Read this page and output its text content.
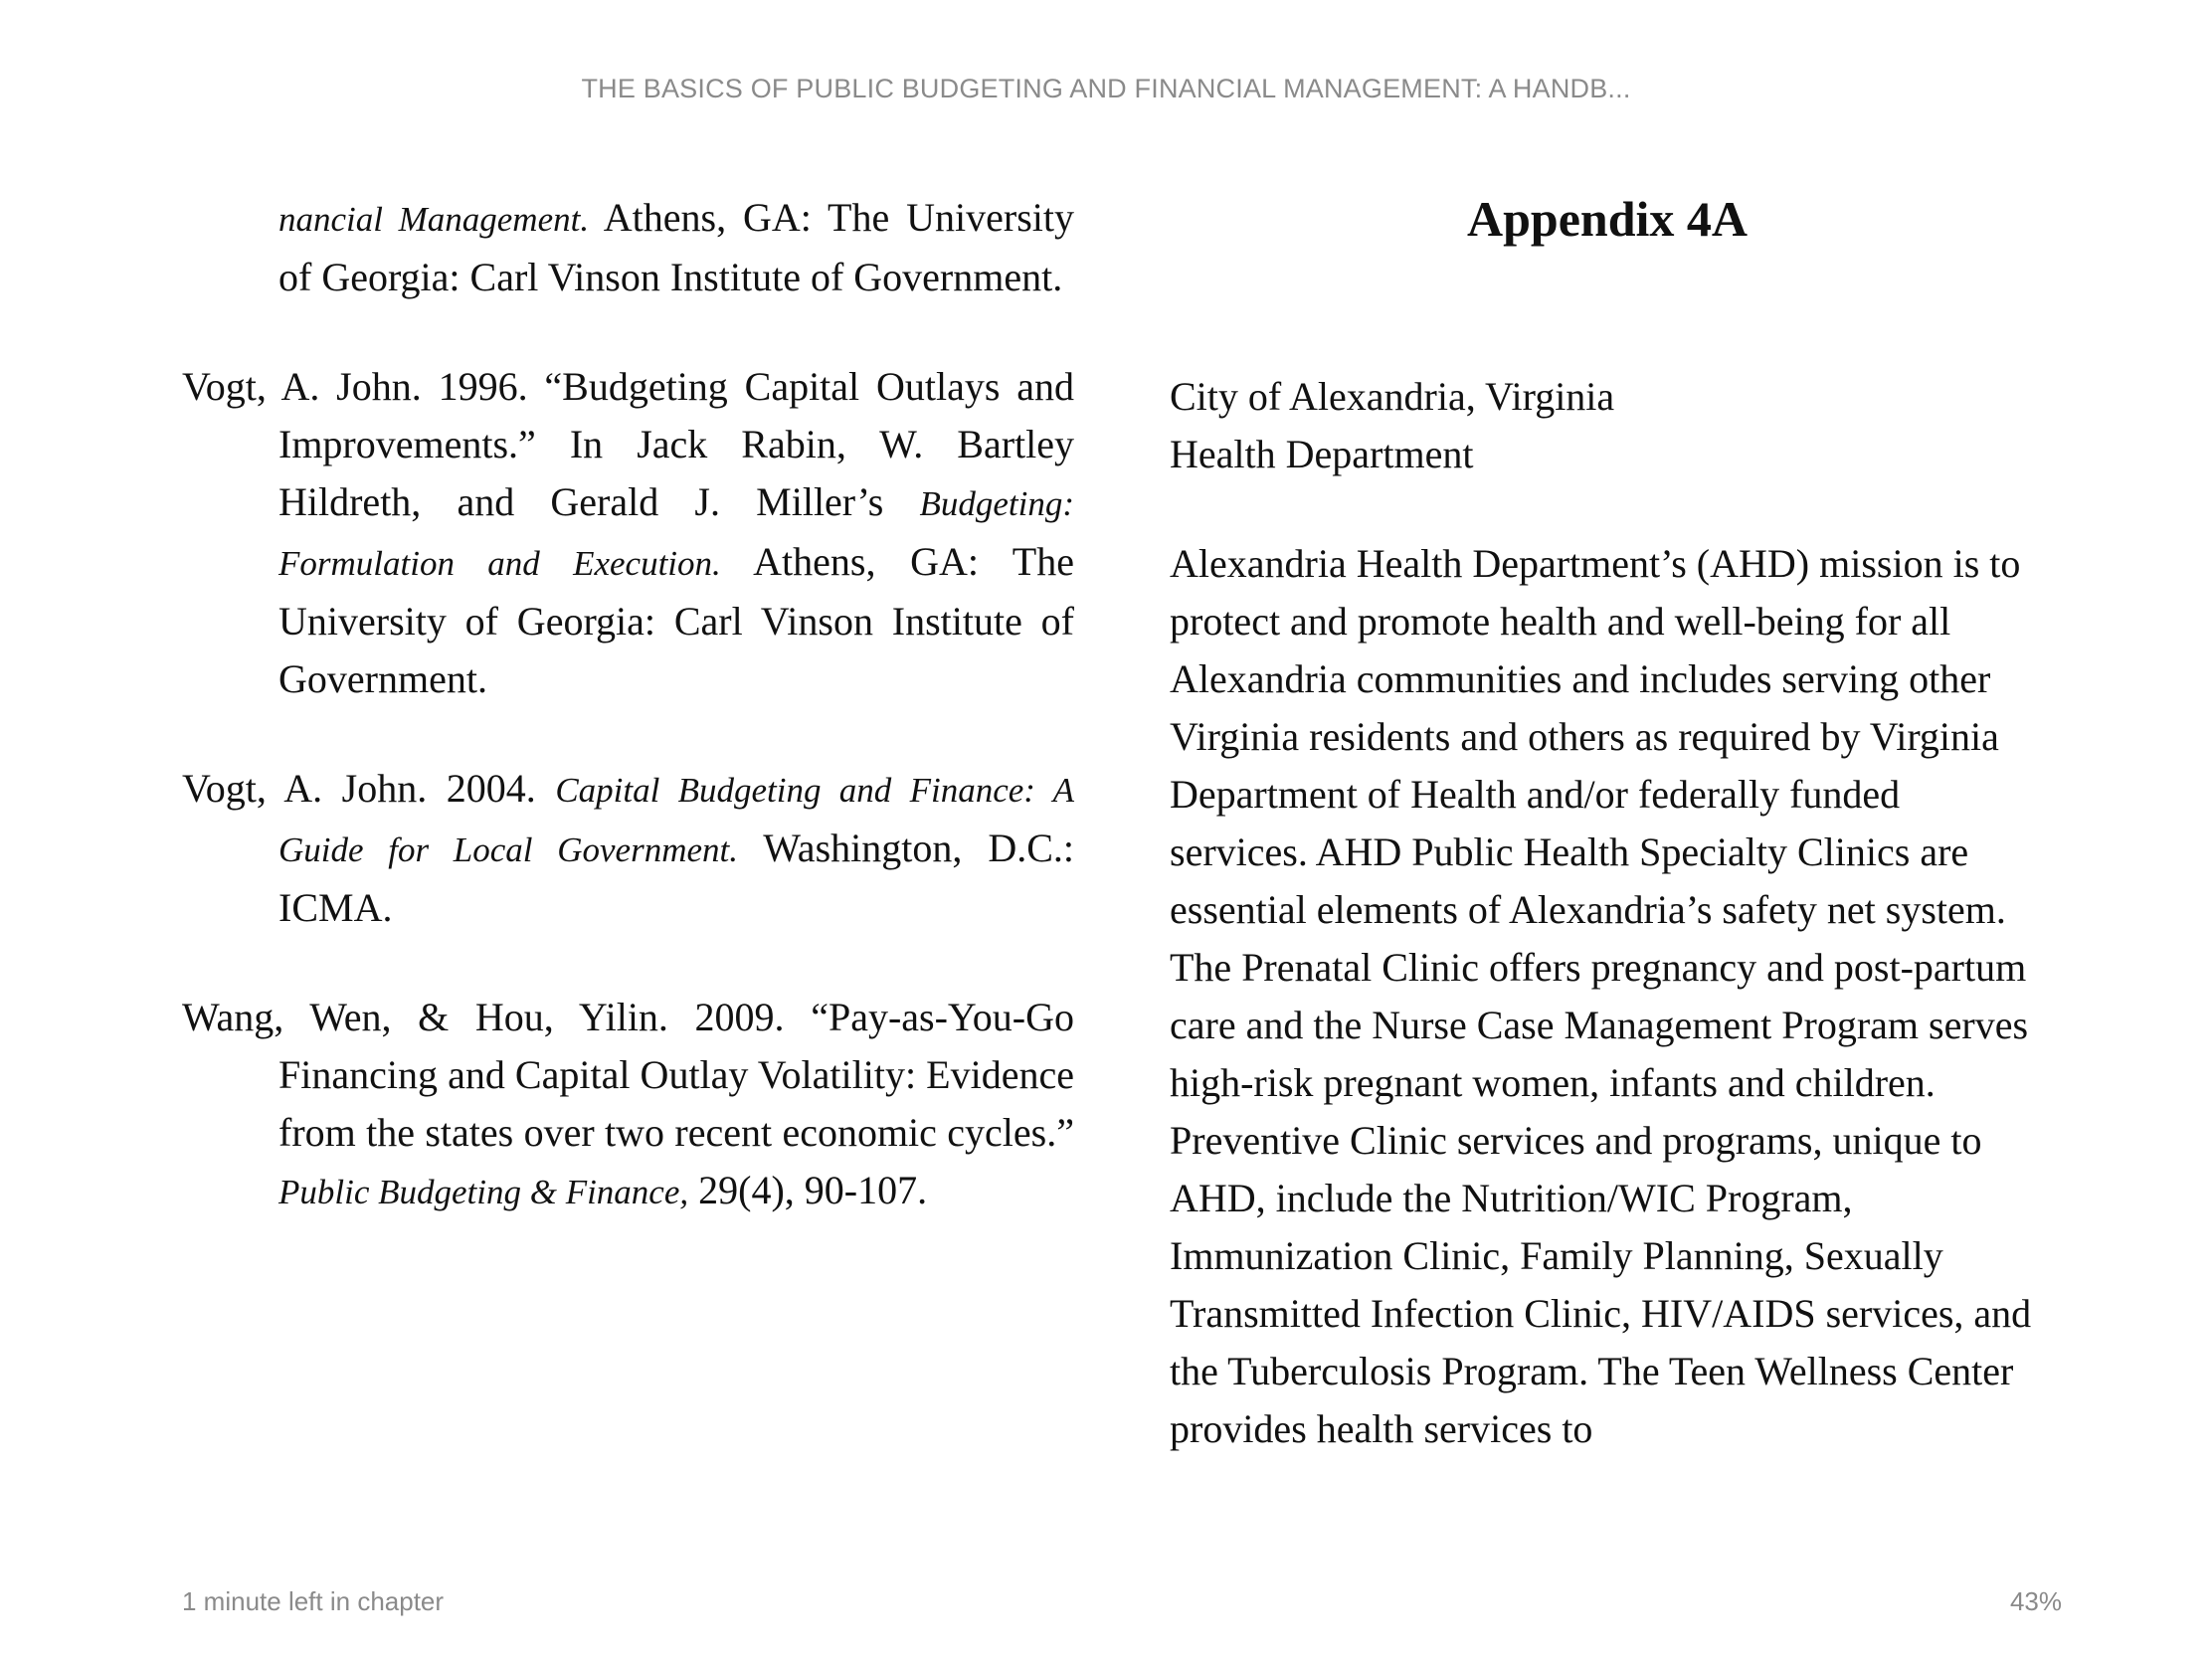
THE BASICS OF PUBLIC BUDGETING AND FINANCIAL MANAGEMENT: A HANDB...

nancial Management. Athens, GA: The University of Georgia: Carl Vinson Institute of Government.

Vogt, A. John. 1996. “Budgeting Capital Outlays and Improvements.” In Jack Rabin, W. Bartley Hildreth, and Gerald J. Miller’s Budgeting: Formulation and Execution. Athens, GA: The University of Georgia: Carl Vinson Institute of Government.

Vogt, A. John. 2004. Capital Budgeting and Finance: A Guide for Local Government. Washington, D.C.: ICMA.

Wang, Wen, & Hou, Yilin. 2009. “Pay-as-You-Go Financing and Capital Outlay Volatility: Evidence from the states over two recent economic cycles.” Public Budgeting & Finance, 29(4), 90-107.

Appendix 4A
City of Alexandria, Virginia
Health Department

Alexandria Health Department’s (AHD) mission is to protect and promote health and well-being for all Alexandria communities and includes serving other Virginia residents and others as required by Virginia Department of Health and/or federally funded services. AHD Public Health Specialty Clinics are essential elements of Alexandria’s safety net system. The Prenatal Clinic offers pregnancy and post-partum care and the Nurse Case Management Program serves high-risk pregnant women, infants and children. Preventive Clinic services and programs, unique to AHD, include the Nutrition/WIC Program, Immunization Clinic, Family Planning, Sexually Transmitted Infection Clinic, HIV/AIDS services, and the Tuberculosis Program. The Teen Wellness Center provides health services to

1 minute left in chapter	43%
